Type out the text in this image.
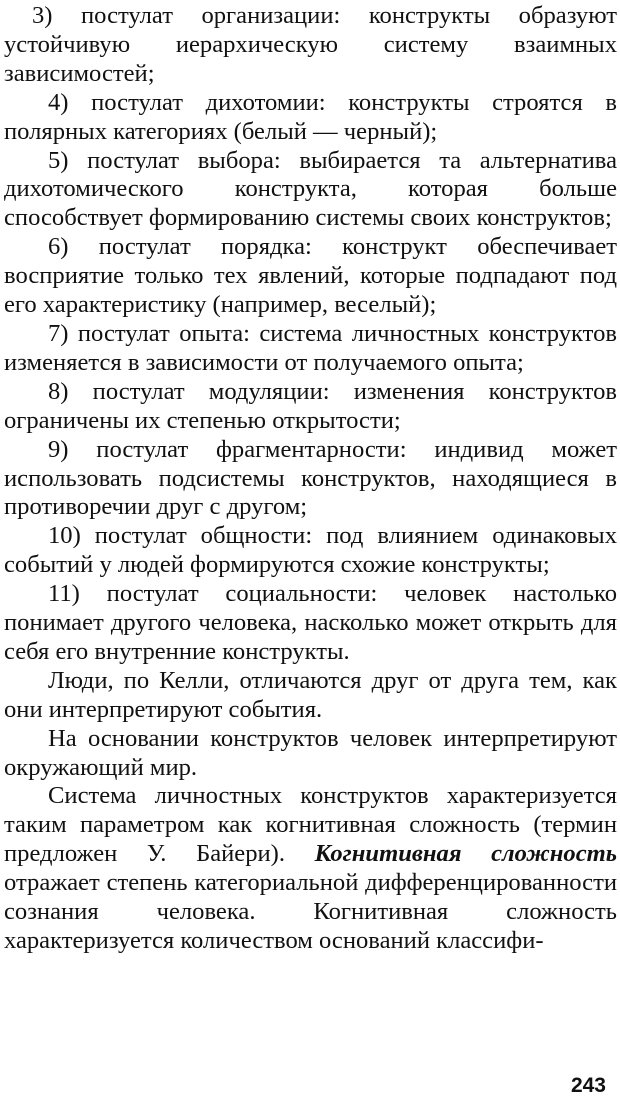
3) постулат организации: конструкты образуют устойчивую иерархическую систему взаимных зависимостей;

4) постулат дихотомии: конструкты строятся в полярных категориях (белый — черный);

5) постулат выбора: выбирается та альтернатива дихотомического конструкта, которая больше способствует формированию системы своих конструктов;

6) постулат порядка: конструкт обеспечивает восприятие только тех явлений, которые подпадают под его характеристику (например, веселый);

7) постулат опыта: система личностных конструктов изменяется в зависимости от получаемого опыта;

8) постулат модуляции: изменения конструктов ограничены их степенью открытости;

9) постулат фрагментарности: индивид может использовать подсистемы конструктов, находящиеся в противоречии друг с другом;

10) постулат общности: под влиянием одинаковых событий у людей формируются схожие конструкты;

11) постулат социальности: человек настолько понимает другого человека, насколько может открыть для себя его внутренние конструкты.

Люди, по Келли, отличаются друг от друга тем, как они интерпретируют события.

На основании конструктов человек интерпретируют окружающий мир.

Система личностных конструктов характеризуется таким параметром как когнитивная сложность (термин предложен У. Байери). Когнитивная сложность отражает степень категориальной дифференцированности сознания человека. Когнитивная сложность характеризуется количеством оснований классифи-

243
